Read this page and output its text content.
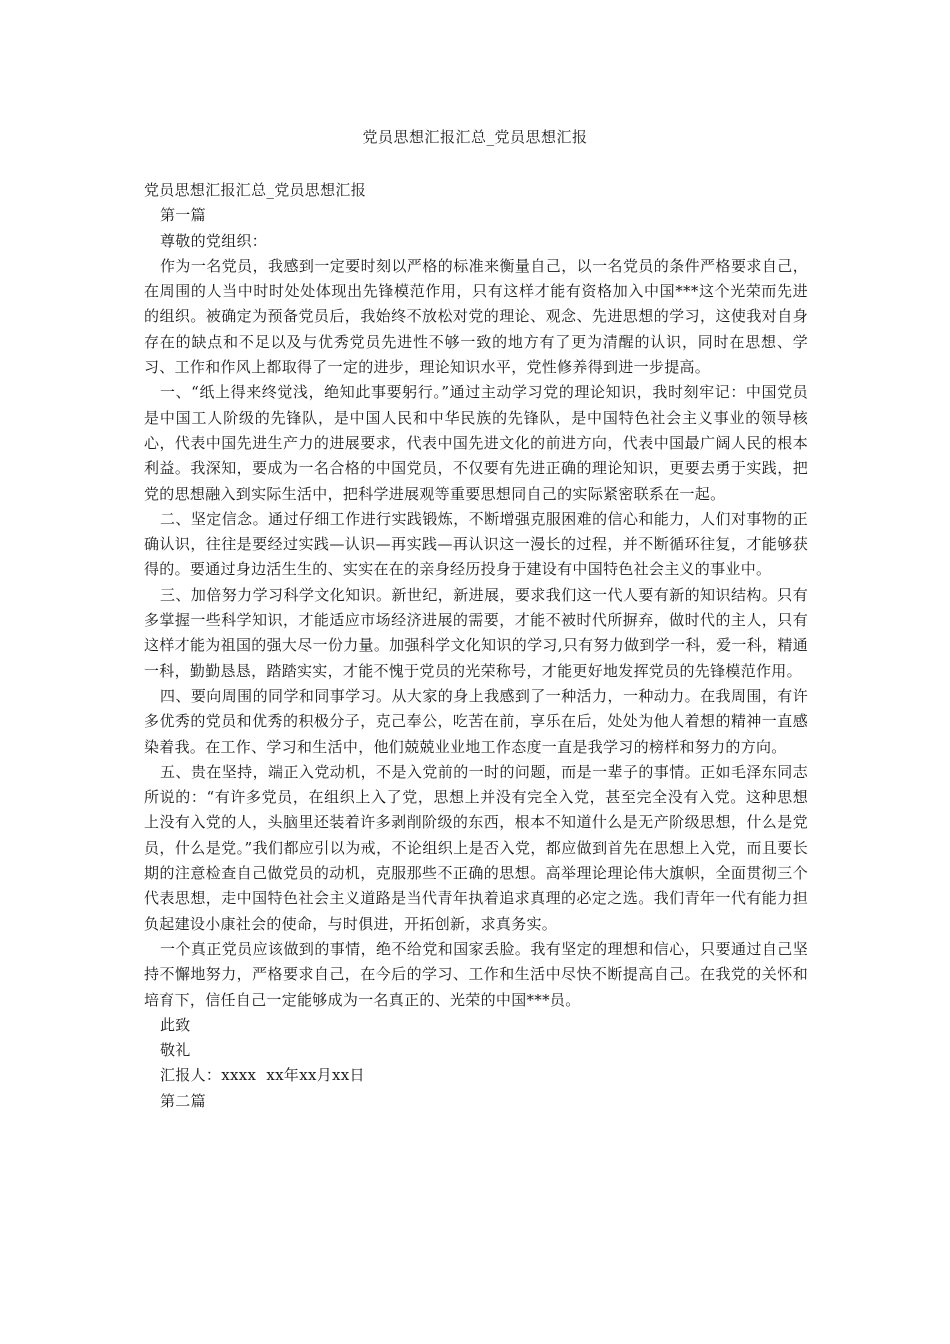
党员思想汇报汇总_党员思想汇报

党员思想汇报汇总_党员思想汇报

第一篇

尊敬的党组织：

作为一名党员，我感到一定要时刻以严格的标准来衡量自己，以一名党员的条件严格要求自己，在周围的人当中时时处处体现出先锋模范作用，只有这样才能有资格加入中国***这个光荣而先进的组织。被确定为预备党员后，我始终不放松对党的理论、观念、先进思想的学习，这使我对自身存在的缺点和不足以及与优秀党员先进性不够一致的地方有了更为清醒的认识，同时在思想、学习、工作和作风上都取得了一定的进步，理论知识水平，党性修养得到进一步提高。

一、“纸上得来终觉浅，绝知此事要躬行。”通过主动学习党的理论知识，我时刻牢记：中国党员是中国工人阶级的先锋队，是中国人民和中华民族的先锋队，是中国特色社会主义事业的领导核心，代表中国先进生产力的进展要求，代表中国先进文化的前进方向，代表中国最广阔人民的根本利益。我深知，要成为一名合格的中国党员，不仅要有先进正确的理论知识，更要去勇于实践，把党的思想融入到实际生活中，把科学进展观等重要思想同自己的实际紧密联系在一起。

二、坚定信念。通过仔细工作进行实践锻炼，不断增强克服困难的信心和能力，人们对事物的正确认识，往往是要经过实践—认识—再实践—再认识这一漫长的过程，并不断循环往复，才能够获得的。要通过身边活生生的、实实在在的亲身经历投身于建设有中国特色社会主义的事业中。

三、加倍努力学习科学文化知识。新世纪，新进展，要求我们这一代人要有新的知识结构。只有多掌握一些科学知识，才能适应市场经济进展的需要，才能不被时代所摒弃，做时代的主人，只有这样才能为祖国的强大尽一份力量。加强科学文化知识的学习,只有努力做到学一科，爱一科，精通一科，勤勤恳恳，踏踏实实，才能不愧于党员的光荣称号，才能更好地发挥党员的先锋模范作用。

四、要向周围的同学和同事学习。从大家的身上我感到了一种活力，一种动力。在我周围，有许多优秀的党员和优秀的积极分子，克己奉公，吃苦在前，享乐在后，处处为他人着想的精神一直感染着我。在工作、学习和生活中，他们兢兢业业地工作态度一直是我学习的榜样和努力的方向。

五、贵在坚持，端正入党动机，不是入党前的一时的问题，而是一辈子的事情。正如毛泽东同志所说的：“有许多党员，在组织上入了党，思想上并没有完全入党，甚至完全没有入党。这种思想上没有入党的人，头脑里还装着许多剥削阶级的东西，根本不知道什么是无产阶级思想，什么是党员，什么是党。”我们都应引以为戒，不论组织上是否入党，都应做到首先在思想上入党，而且要长期的注意检查自己做党员的动机，克服那些不正确的思想。高举理论理论伟大旗帜，全面贯彻三个代表思想，走中国特色社会主义道路是当代青年执着追求真理的必定之选。我们青年一代有能力担负起建设小康社会的使命，与时俱进，开拓创新，求真务实。

一个真正党员应该做到的事情，绝不给党和国家丢脸。我有坚定的理想和信心，只要通过自己坚持不懈地努力，严格要求自己，在今后的学习、工作和生活中尽快不断提高自己。在我党的关怀和培育下，信任自己一定能够成为一名真正的、光荣的中国***员。

此致

敬礼

汇报人：xxxx  xx年xx月xx日

第二篇
